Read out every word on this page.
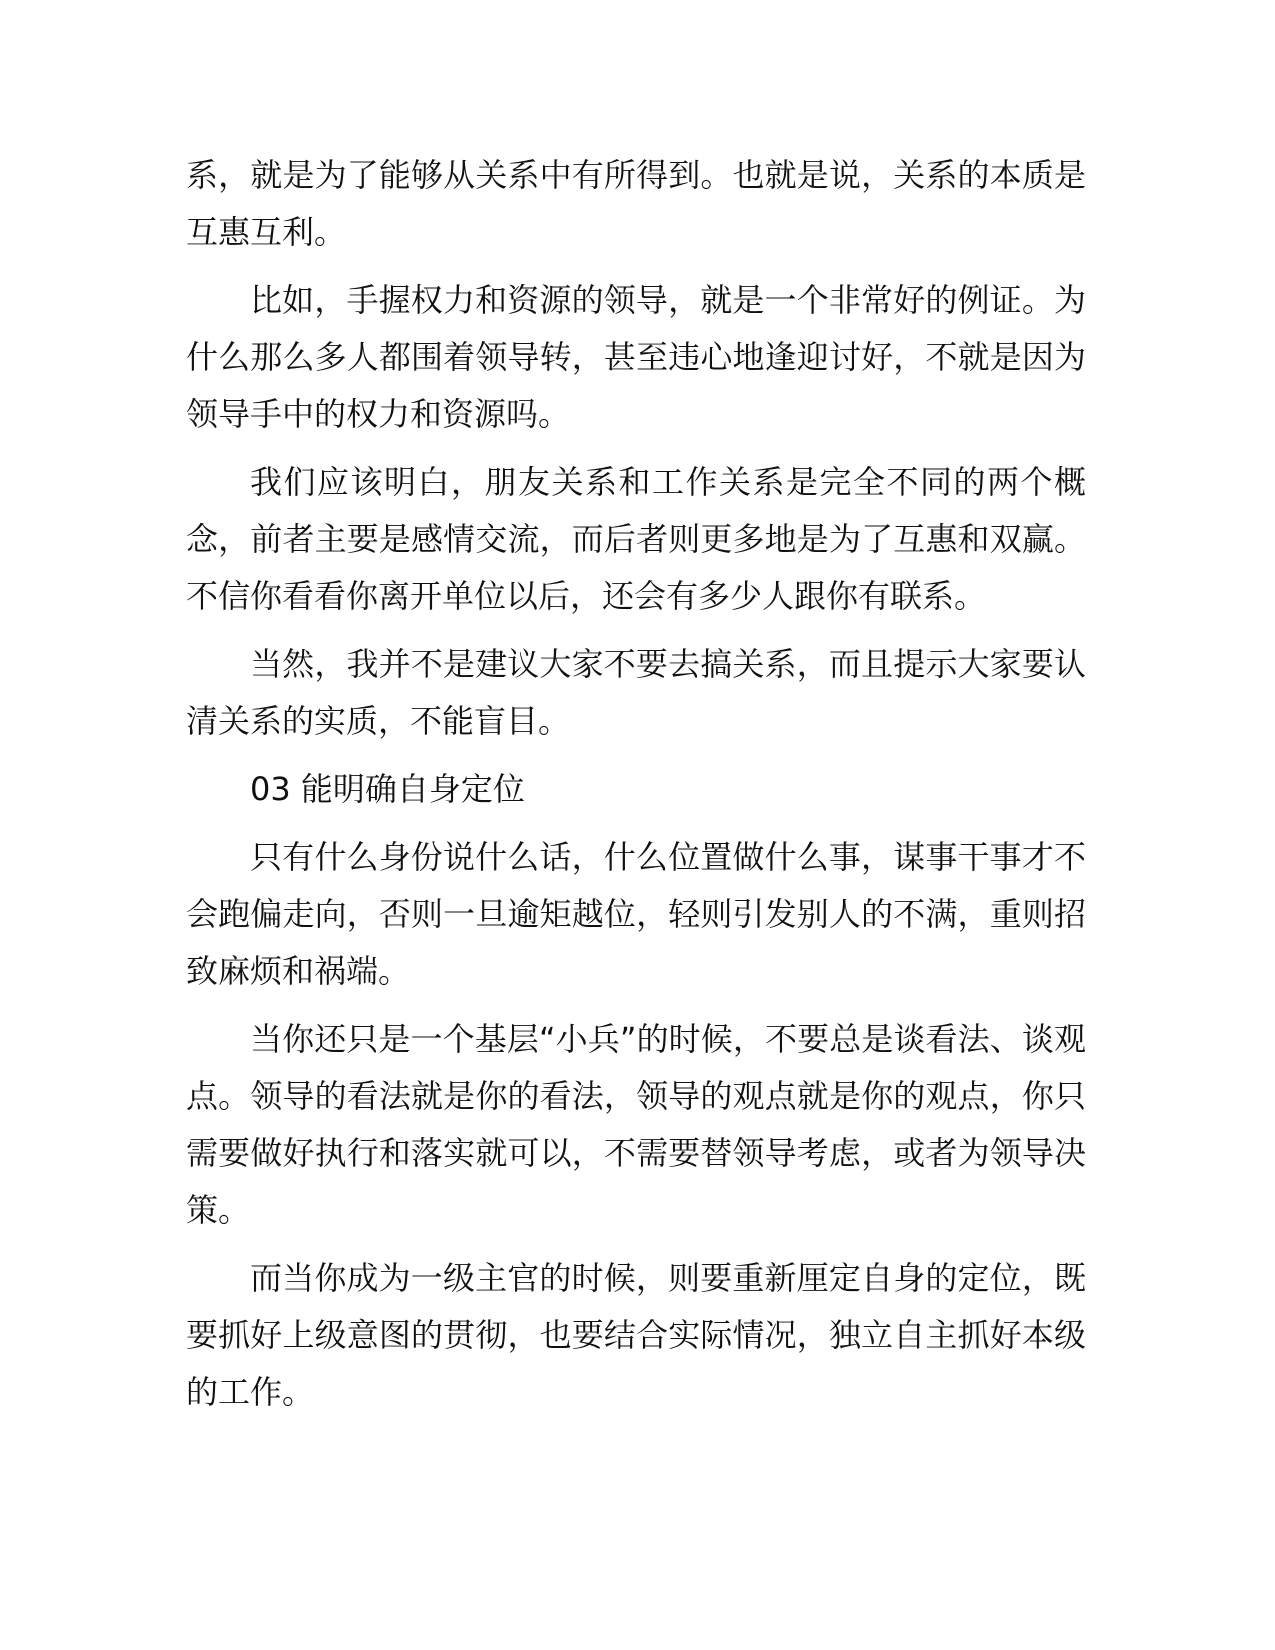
系，就是为了能够从关系中有所得到。也就是说，关系的本质是互惠互利。

比如，手握权力和资源的领导，就是一个非常好的例证。为什么那么多人都围着领导转，甚至违心地逢迎讨好，不就是因为领导手中的权力和资源吗。

我们应该明白，朋友关系和工作关系是完全不同的两个概念，前者主要是感情交流，而后者则更多地是为了互惠和双赢。不信你看看你离开单位以后，还会有多少人跟你有联系。

当然，我并不是建议大家不要去搞关系，而且提示大家要认清关系的实质，不能盲目。

03 能明确自身定位

只有什么身份说什么话，什么位置做什么事，谋事干事才不会跑偏走向，否则一旦逾矩越位，轻则引发别人的不满，重则招致麻烦和祸端。

当你还只是一个基层“小兵”的时候，不要总是谈看法、谈观点。领导的看法就是你的看法，领导的观点就是你的观点，你只需要做好执行和落实就可以，不需要替领导考虑，或者为领导决策。

而当你成为一级主官的时候，则要重新厘定自身的定位，既要抓好上级意图的贯彻，也要结合实际情况，独立自主抓好本级的工作。
